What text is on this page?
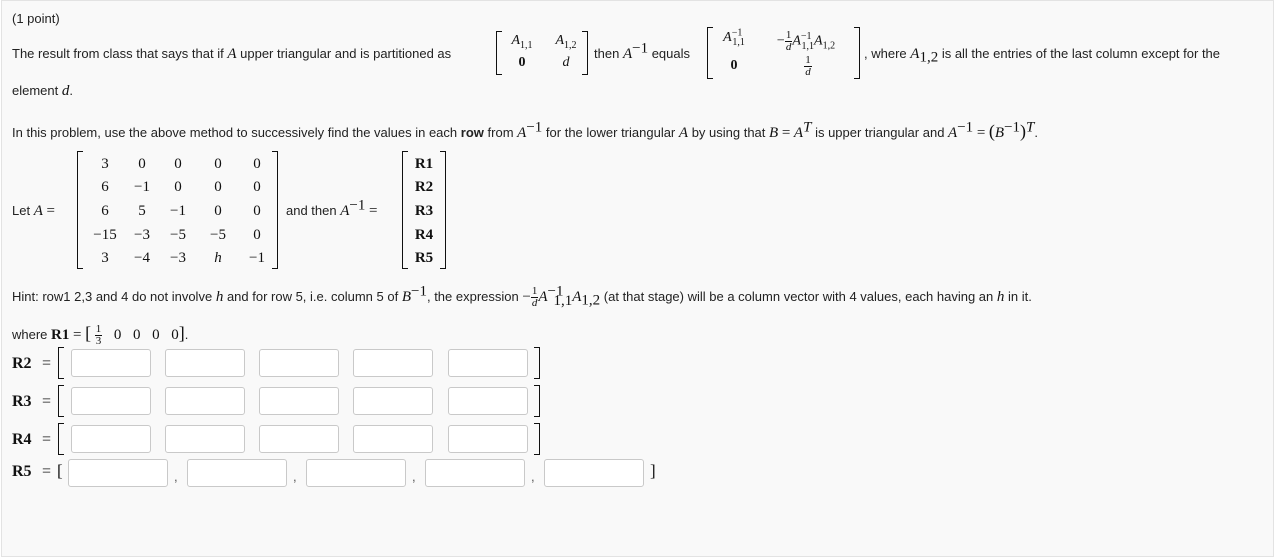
(1 point)
The result from class that says that if A upper triangular and is partitioned as
$A_{1,1}$	$A_{1,2}$
0	d
then $A^{-1}$ equals
$A^{-1}_{1,1}$	− $\frac{1}{d} A^{-1}_{1,1}A_{1,2}$
0	$\frac{1}{d}$
, where $A_{1,2}$ is all the entries of the last column except for the
element d.
In this problem, use the above method to successively find the values in each row from $A^{-1}$ for the lower triangular A by using that $B = A^T$ is upper triangular and $A^{-1} = (B^{-1})^T$.
Let A =
3	0	0	0	0
6	−1	0	0	0
6	5	−1	0	0
−15	−3	−5	−5	0
3	−4	−3	h	−1
and then $A^{-1}$ =
R1
R2
R3
R4
R5
Hint: row1 2,3 and 4 do not involve h and for row 5, i.e. column 5 of $B^{-1}$, the expression − $\frac{1}{d} A^{-1}_{1,1}A_{1,2}$ (at that stage) will be a column vector with 4 values, each having an h in it.
where R1 = [ $\frac{1}{3} 0$ 0 0 0].
R2 =
R3 =
R4 =
R5 = [	,	,	,	,	]
